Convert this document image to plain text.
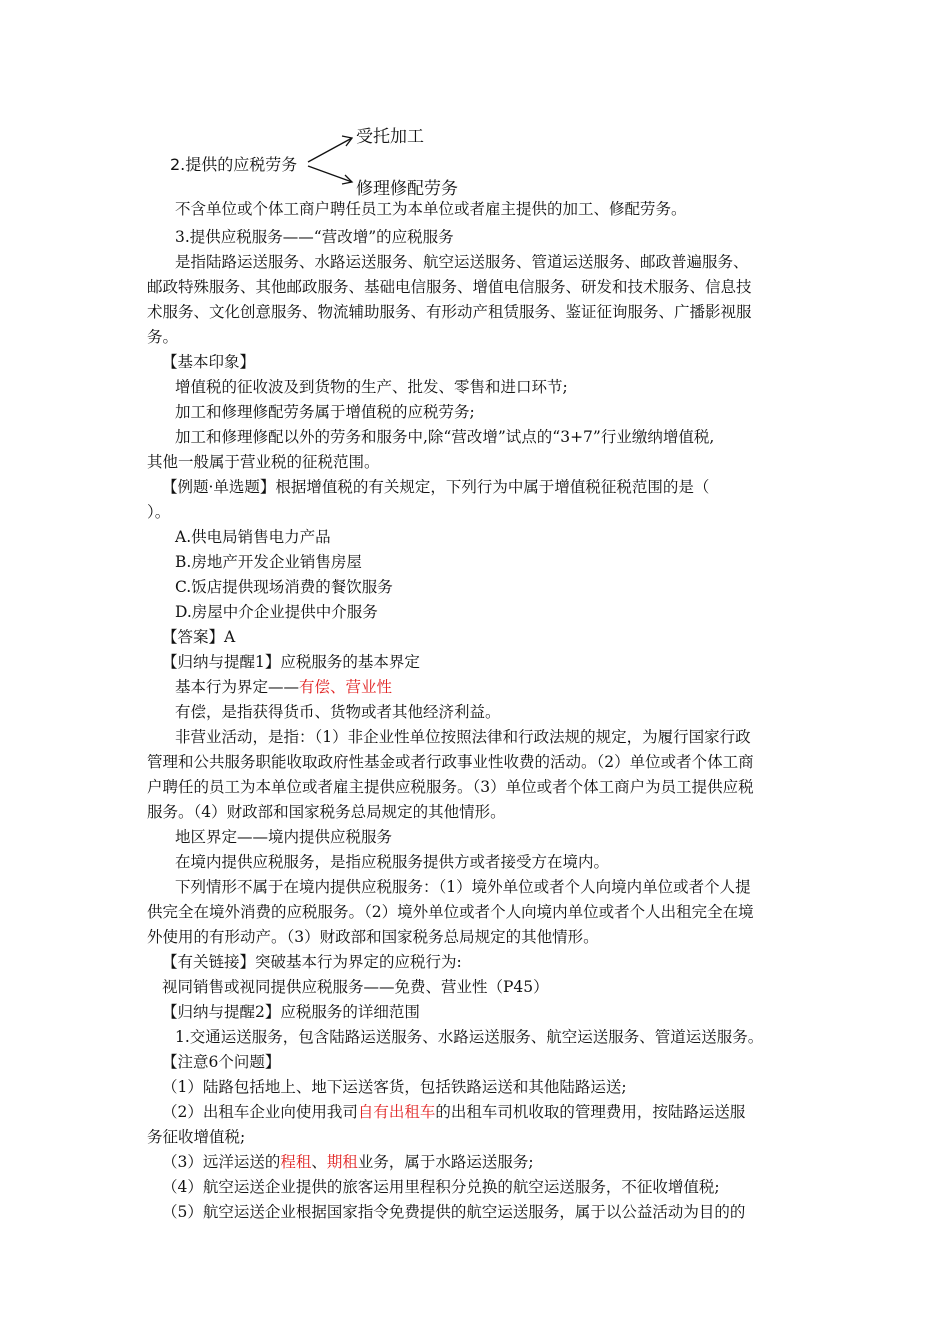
2.提供的应税劳务
受托加工
修理修配劳务
不含单位或个体工商户聘任员工为本单位或者雇主提供的加工、修配劳务。
3.提供应税服务——“营改增”的应税服务
是指陆路运送服务、水路运送服务、航空运送服务、管道运送服务、邮政普遍服务、
邮政特殊服务、其他邮政服务、基础电信服务、增值电信服务、研发和技术服务、信息技
术服务、文化创意服务、物流辅助服务、有形动产租赁服务、鉴证征询服务、广播影视服
务。
【基本印象】
增值税的征收波及到货物的生产、批发、零售和进口环节;
加工和修理修配劳务属于增值税的应税劳务;
加工和修理修配以外的劳务和服务中,除“营改增”试点的“3+7”行业缴纳增值税,
其他一般属于营业税的征税范围。
【例题·单选题】根据增值税的有关规定，下列行为中属于增值税征税范围的是（
）。
A.供电局销售电力产品
B.房地产开发企业销售房屋
C.饭店提供现场消费的餐饮服务
D.房屋中介企业提供中介服务
【答案】A
【归纳与提醒1】应税服务的基本界定
基本行为界定——有偿、营业性
有偿，是指获得货币、货物或者其他经济利益。
非营业活动，是指：（1）非企业性单位按照法律和行政法规的规定，为履行国家行政
管理和公共服务职能收取政府性基金或者行政事业性收费的活动。（2）单位或者个体工商
户聘任的员工为本单位或者雇主提供应税服务。（3）单位或者个体工商户为员工提供应税
服务。（4）财政部和国家税务总局规定的其他情形。
地区界定——境内提供应税服务
在境内提供应税服务，是指应税服务提供方或者接受方在境内。
下列情形不属于在境内提供应税服务：（1）境外单位或者个人向境内单位或者个人提
供完全在境外消费的应税服务。（2）境外单位或者个人向境内单位或者个人出租完全在境
外使用的有形动产。（3）财政部和国家税务总局规定的其他情形。
【有关链接】突破基本行为界定的应税行为:
视同销售或视同提供应税服务——免费、营业性（P45）
【归纳与提醒2】应税服务的详细范围
1.交通运送服务，包含陆路运送服务、水路运送服务、航空运送服务、管道运送服务。
【注意6个问题】
（1）陆路包括地上、地下运送客货，包括铁路运送和其他陆路运送;
（2）出租车企业向使用我司自有出租车的出租车司机收取的管理费用，按陆路运送服
务征收增值税;
（3）远洋运送的程租、期租业务，属于水路运送服务;
（4）航空运送企业提供的旅客运用里程积分兑换的航空运送服务，不征收增值税;
（5）航空运送企业根据国家指令免费提供的航空运送服务，属于以公益活动为目的的
